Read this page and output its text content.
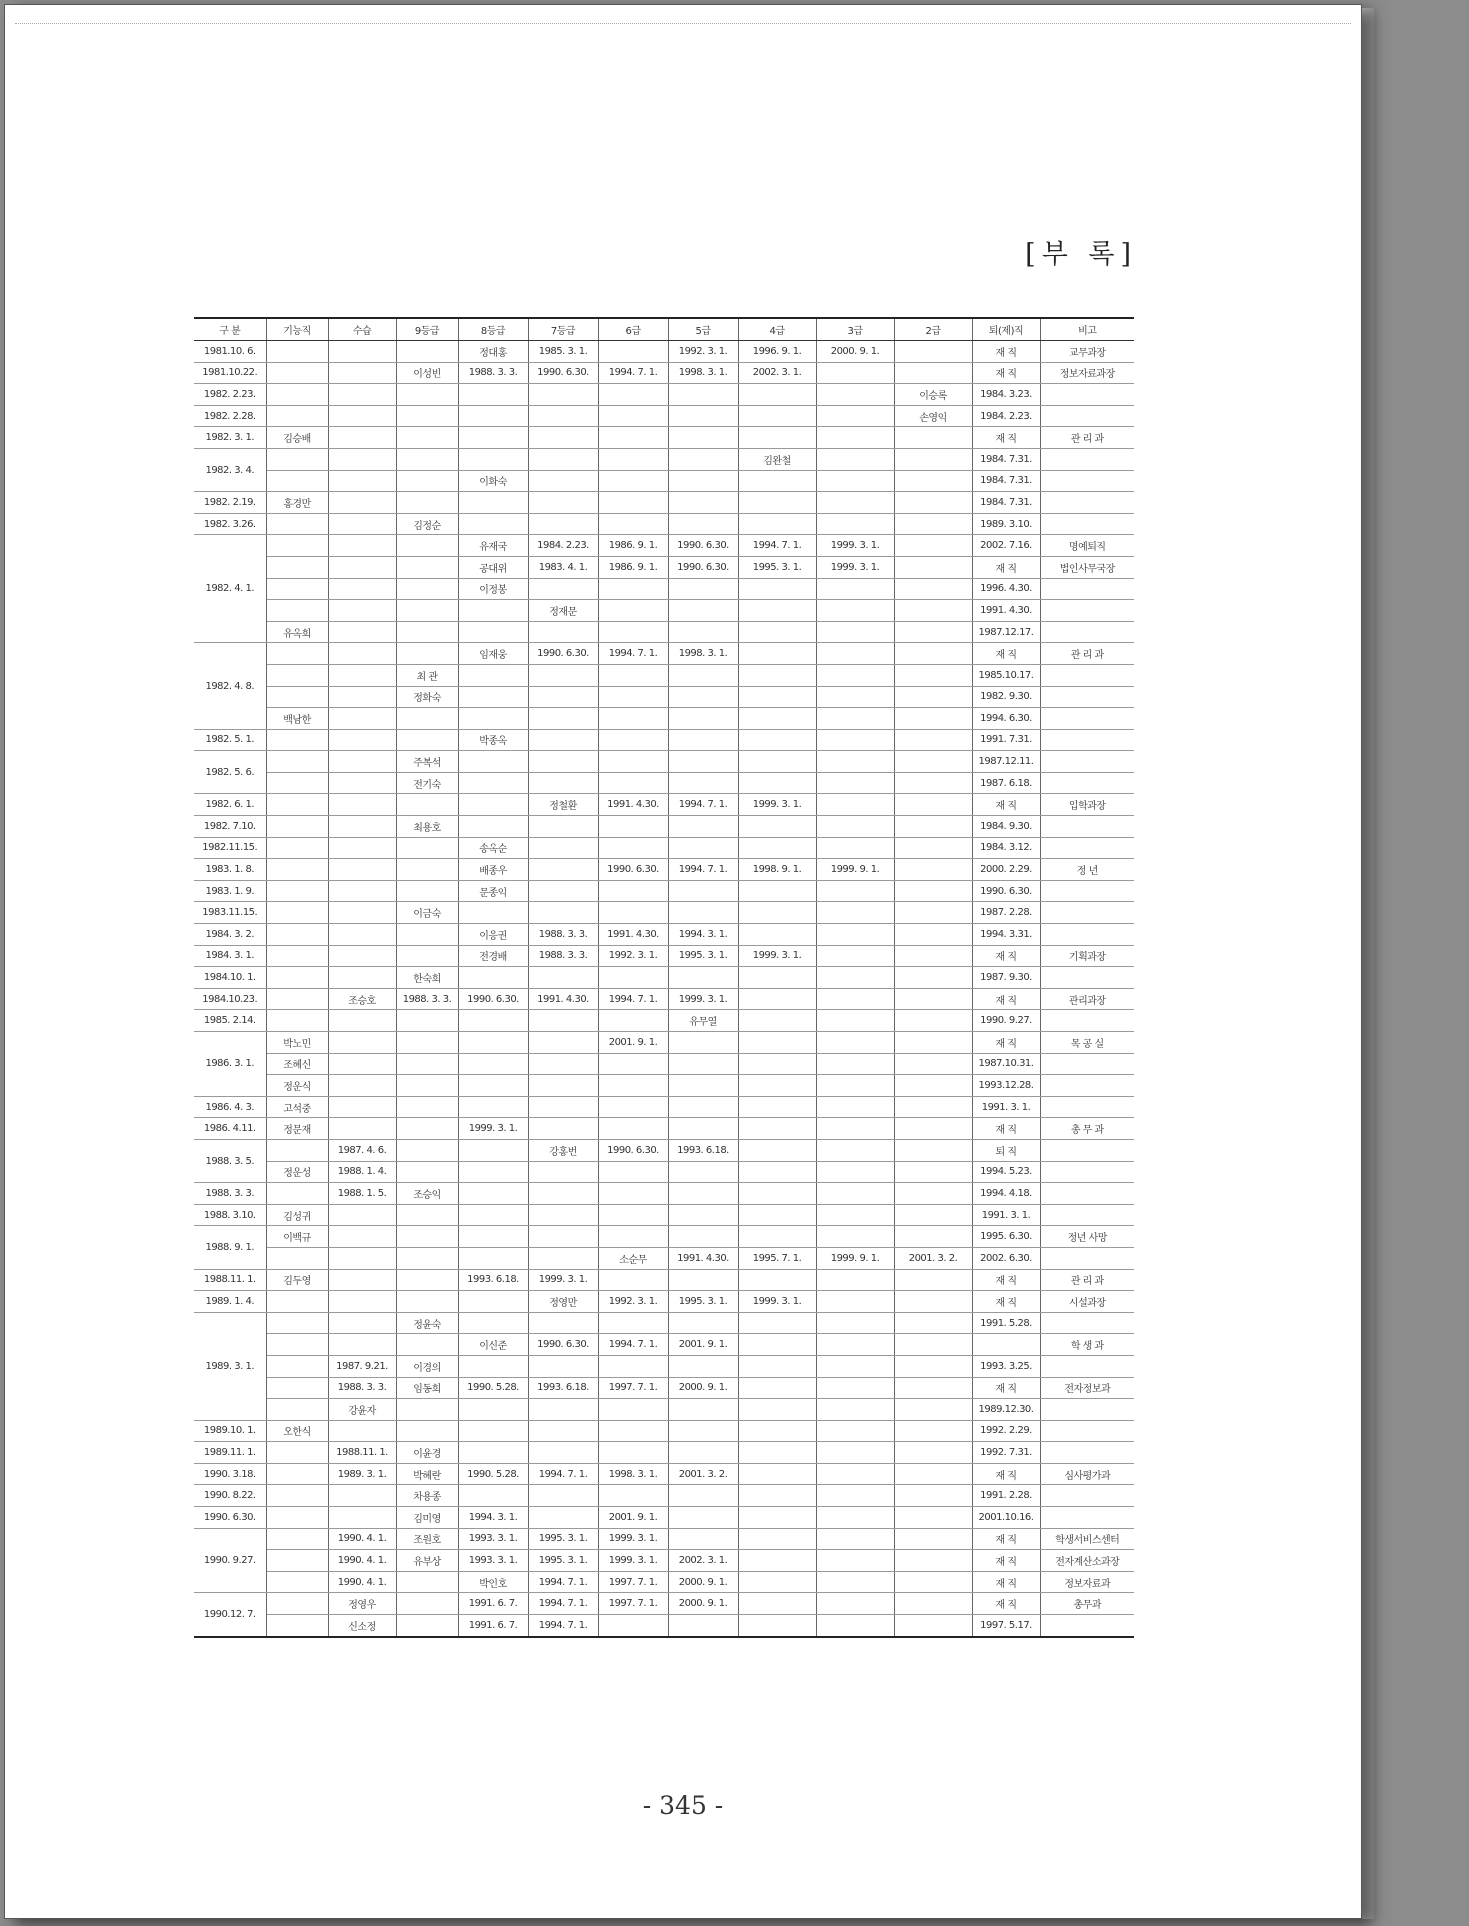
[부 록]
구 분	기능직	수습	9등급	8등급	7등급	6급	5급	4급	3급	2급	퇴(제)직	비고
1981.10. 6.				정대홍	1985. 3. 1.		1992. 3. 1.	1996. 9. 1.	2000. 9. 1.		재 직	교무과장
1981.10.22.			이성빈	1988. 3. 3.	1990. 6.30.	1994. 7. 1.	1998. 3. 1.	2002. 3. 1.			재 직	정보자료과장
1982. 2.23.										이승록	1984. 3.23.	
1982. 2.28.										손영익	1984. 2.23.	
1982. 3. 1.	김승배										재 직	관 리 과
1982. 3. 4.								김완철			1984. 7.31.	
				이화숙							1984. 7.31.	
1982. 2.19.	홍경만										1984. 7.31.	
1982. 3.26.			김정순								1989. 3.10.	
1982. 4. 1.				유재국	1984. 2.23.	1986. 9. 1.	1990. 6.30.	1994. 7. 1.	1999. 3. 1.		2002. 7.16.	명예퇴직
				공대위	1983. 4. 1.	1986. 9. 1.	1990. 6.30.	1995. 3. 1.	1999. 3. 1.		재 직	법인사무국장
				이정봉							1996. 4.30.	
					정재문						1991. 4.30.	
	유옥희										1987.12.17.	
1982. 4. 8.				임재웅	1990. 6.30.	1994. 7. 1.	1998. 3. 1.				재 직	관 리 과
			최 관								1985.10.17.	
			정화숙								1982. 9.30.	
	백남한										1994. 6.30.	
1982. 5. 1.				박종옥							1991. 7.31.	
1982. 5. 6.			주복석								1987.12.11.	
			전기숙								1987. 6.18.	
1982. 6. 1.					정철환	1991. 4.30.	1994. 7. 1.	1999. 3. 1.			재 직	입학과장
1982. 7.10.			최용호								1984. 9.30.	
1982.11.15.				송옥순							1984. 3.12.	
1983. 1. 8.				배종우		1990. 6.30.	1994. 7. 1.	1998. 9. 1.	1999. 9. 1.		2000. 2.29.	정 년
1983. 1. 9.				문종익							1990. 6.30.	
1983.11.15.			이금숙								1987. 2.28.	
1984. 3. 2.				이응권	1988. 3. 3.	1991. 4.30.	1994. 3. 1.				1994. 3.31.	
1984. 3. 1.				전경배	1988. 3. 3.	1992. 3. 1.	1995. 3. 1.	1999. 3. 1.			재 직	기획과장
1984.10. 1.			한숙희								1987. 9.30.	
1984.10.23.		조승호	1988. 3. 3.	1990. 6.30.	1991. 4.30.	1994. 7. 1.	1999. 3. 1.				재 직	관리과장
1985. 2.14.							유무열				1990. 9.27.	
1986. 3. 1.	박노민					2001. 9. 1.					재 직	목 공 실
	조혜신										1987.10.31.	
	정운식										1993.12.28.	
1986. 4. 3.	고석중										1991. 3. 1.	
1986. 4.11.	정문재			1999. 3. 1.							재 직	총 무 과
1988. 3. 5.		1987. 4. 6.			강홍번	1990. 6.30.	1993. 6.18.				퇴 직	
	정운성	1988. 1. 4.									1994. 5.23.	
1988. 3. 3.		1988. 1. 5.	조승익								1994. 4.18.	
1988. 3.10.	김성귀										1991. 3. 1.	
1988. 9. 1.	이백규										1995. 6.30.	정년 사망
						소순무	1991. 4.30.	1995. 7. 1.	1999. 9. 1.	2001. 3. 2.	2002. 6.30.	
1988.11. 1.	김두영			1993. 6.18.	1999. 3. 1.						재 직	관 리 과
1989. 1. 4.					정영만	1992. 3. 1.	1995. 3. 1.	1999. 3. 1.			재 직	시설과장
1989. 3. 1.			정윤숙								1991. 5.28.	
				이신준	1990. 6.30.	1994. 7. 1.	2001. 9. 1.					학 생 과
		1987. 9.21.	이경의								1993. 3.25.	
		1988. 3. 3.	임동희	1990. 5.28.	1993. 6.18.	1997. 7. 1.	2000. 9. 1.				재 직	전자정보과
		강윤자									1989.12.30.	
1989.10. 1.	오한식										1992. 2.29.	
1989.11. 1.		1988.11. 1.	이윤경								1992. 7.31.	
1990. 3.18.		1989. 3. 1.	박혜란	1990. 5.28.	1994. 7. 1.	1998. 3. 1.	2001. 3. 2.				재 직	심사평가과
1990. 8.22.			차용종								1991. 2.28.	
1990. 6.30.			김미영	1994. 3. 1.		2001. 9. 1.					2001.10.16.	
1990. 9.27.		1990. 4. 1.	조원호	1993. 3. 1.	1995. 3. 1.	1999. 3. 1.					재 직	학생서비스센터
		1990. 4. 1.	유부상	1993. 3. 1.	1995. 3. 1.	1999. 3. 1.	2002. 3. 1.				재 직	전자계산소과장
		1990. 4. 1.		박인호	1994. 7. 1.	1997. 7. 1.	2000. 9. 1.				재 직	정보자료과
1990.12. 7.		정영우		1991. 6. 7.	1994. 7. 1.	1997. 7. 1.	2000. 9. 1.				재 직	총무과
		신소정		1991. 6. 7.	1994. 7. 1.						1997. 5.17.	
- 345 -
